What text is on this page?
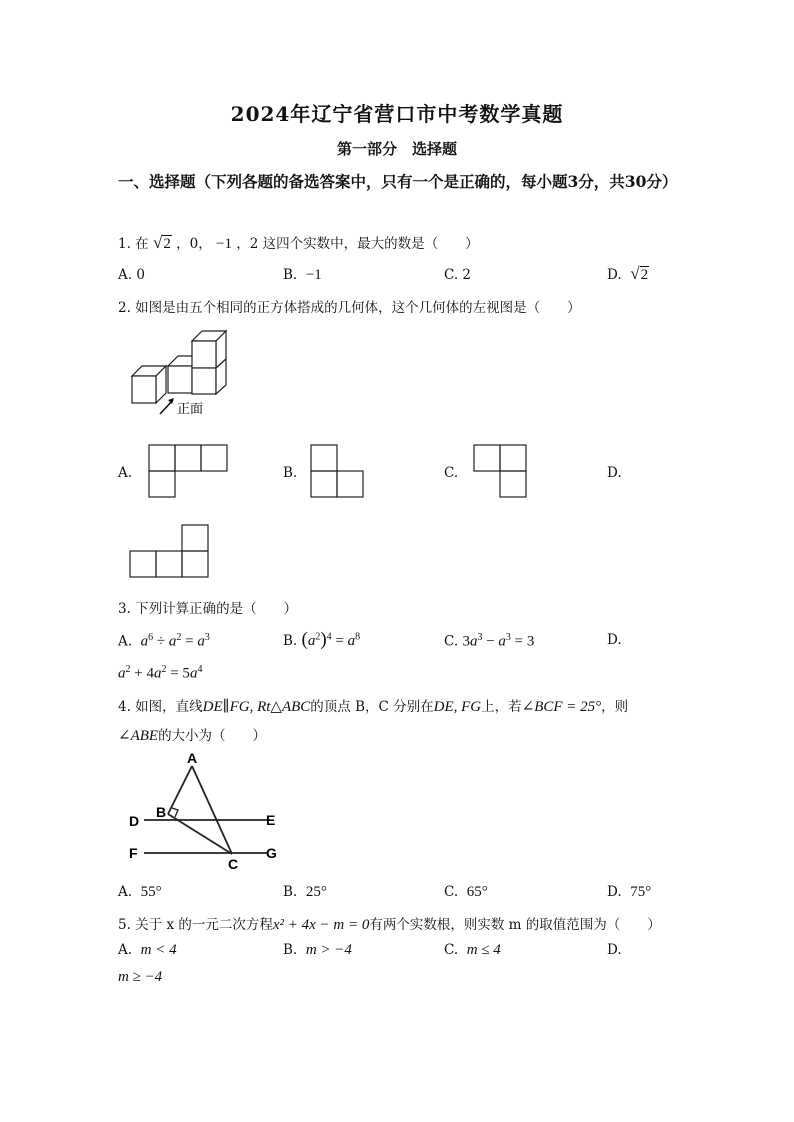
2024年辽宁省营口市中考数学真题
第一部分　选择题
一、选择题（下列各题的备选答案中，只有一个是正确的，每小题3分，共30分）
1. 在 √2 ，0， −1 ，2 这四个实数中，最大的数是（　　）
A. 0	B. −1	C. 2	D. √2
2. 如图是由五个相同的正方体搭成的几何体，这个几何体的左视图是（　　）
正面
A.	B.	C.	D.
3. 下列计算正确的是（　　）
A. $a^6 \div a^2 = a^3$	B. $(a^2)^4 = a^8$	C. $3a^3 - a^3 = 3$	D.
$a^2 + 4a^2 = 5a^4$
4. 如图，直线DE∥FG, Rt△ABC的顶点 B，C 分别在DE, FG上，若∠BCF = 25°，则
∠ABE的大小为（　　）
A
B
D	E
F	G
C
A. 55°	B. 25°	C. 65°	D. 75°
5. 关于 x 的一元二次方程x² + 4x − m = 0有两个实数根，则实数 m 的取值范围为（　　）
A. m < 4	B. m > −4	C. m ≤ 4	D.
m ≥ −4
